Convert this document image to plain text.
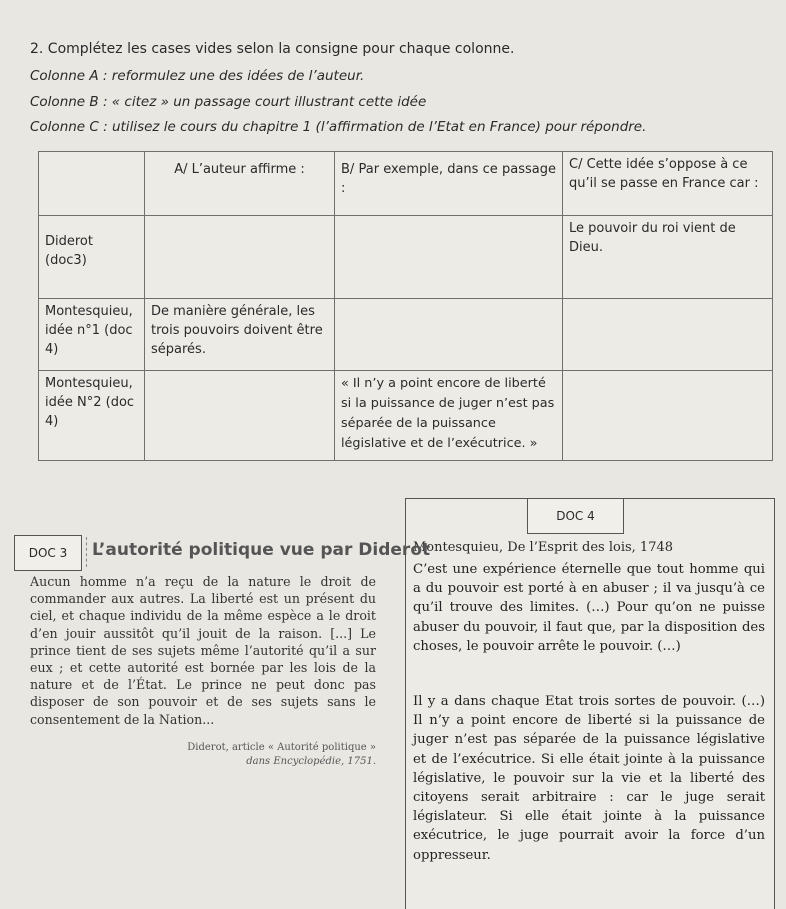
2. Complétez les cases vides selon la consigne pour chaque colonne.
Colonne A : reformulez une des idées de l’auteur.
Colonne B : « citez » un passage court illustrant cette idée
Colonne C : utilisez le cours du chapitre 1 (l’affirmation de l’Etat en France) pour répondre.
	A/ L’auteur affirme :	B/ Par exemple, dans ce passage :	C/ Cette idée s’oppose à ce qu’il se passe en France car :
Diderot (doc3)			Le pouvoir du roi vient de Dieu.
Montesquieu, idée n°1 (doc 4)	De manière générale, les trois pouvoirs doivent être séparés.		
Montesquieu, idée N°2 (doc 4)		« Il n’y a point encore de liberté si la puissance de juger n’est pas séparée de la puissance législative et de l’exécutrice. »	
DOC 4
Montesquieu, De l’Esprit des lois, 1748
C’est une expérience éternelle que tout homme qui a du pouvoir est porté à en abuser ; il va jusqu’à ce qu’il trouve des limites. (…) Pour qu’on ne puisse abuser du pouvoir, il faut que, par la disposition des choses, le pouvoir arrête le pouvoir. (…)
Il y a dans chaque Etat trois sortes de pouvoir. (…) Il n’y a point encore de liberté si la puissance de juger n’est pas séparée de la puissance législative et de l’exécutrice. Si elle était jointe à la puissance législative, le pouvoir sur la vie et la liberté des citoyens serait arbitraire : car le juge serait législateur. Si elle était jointe à la puissance exécutrice, le juge pourrait avoir la force d’un oppresseur.
DOC 3	L’autorité politique vue par Diderot
Aucun homme n’a reçu de la nature le droit de commander aux autres. La liberté est un présent du ciel, et chaque individu de la même espèce a le droit d’en jouir aussitôt qu’il jouit de la raison. [...] Le prince tient de ses sujets même l’autorité qu’il a sur eux ; et cette autorité est bornée par les lois de la nature et de l’État. Le prince ne peut donc pas disposer de son pouvoir et de ses sujets sans le consentement de la Nation...
Diderot, article « Autorité politique »
dans Encyclopédie, 1751.
